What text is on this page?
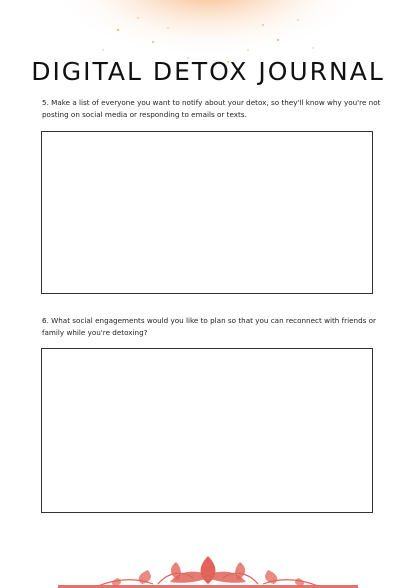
DIGITAL DETOX JOURNAL
5. Make a list of everyone you want to notify about your detox, so they'll know why you're not posting on social media or responding to emails or texts.
6. What social engagements would you like to plan so that you can reconnect with friends or family while you're detoxing?
